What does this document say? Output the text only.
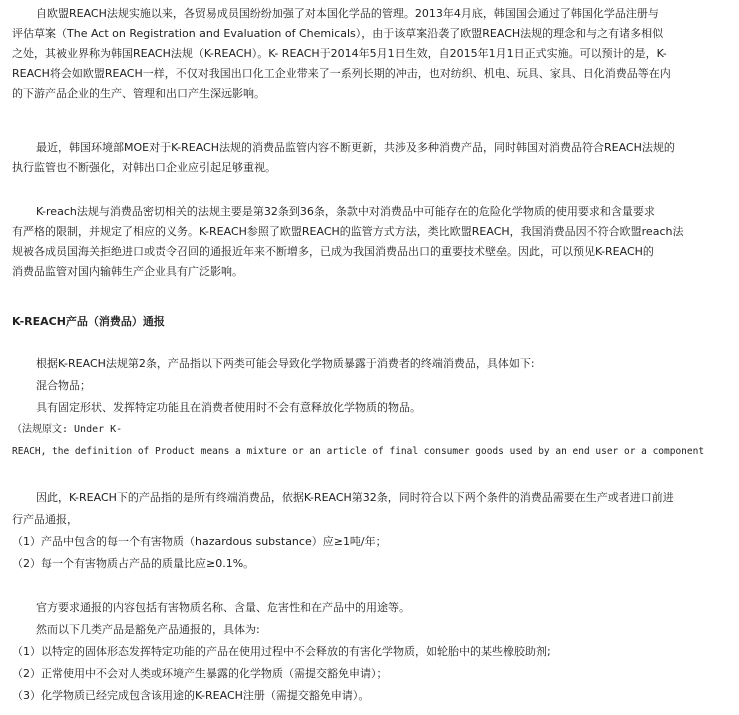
自欧盟REACH法规实施以来，各贸易成员国纷纷加强了对本国化学品的管理。2013年4月底，韩国国会通过了韩国化学品注册与
评估草案（The Act on Registration and Evaluation of Chemicals），由于该草案沿袭了欧盟REACH法规的理念和与之有诸多相似
之处，其被业界称为韩国REACH法规（K-REACH）。K- REACH于2014年5月1日生效，自2015年1月1日正式实施。可以预计的是，K-
REACH将会如欧盟REACH一样，不仅对我国出口化工企业带来了一系列长期的冲击，也对纺织、机电、玩具、家具、日化消费品等在内
的下游产品企业的生产、管理和出口产生深远影响。
最近，韩国环境部MOE对于K-REACH法规的消费品监管内容不断更新，共涉及多种消费产品，同时韩国对消费品符合REACH法规的
执行监管也不断强化，对韩出口企业应引起足够重视。
K-reach法规与消费品密切相关的法规主要是第32条到36条，条款中对消费品中可能存在的危险化学物质的使用要求和含量要求
有严格的限制，并规定了相应的义务。K-REACH参照了欧盟REACH的监管方式方法，类比欧盟REACH，我国消费品因不符合欧盟reach法
规被各成员国海关拒绝进口或责令召回的通报近年来不断增多，已成为我国消费品出口的重要技术壁垒。因此，可以预见K-REACH的
消费品监管对国内输韩生产企业具有广泛影响。
K-REACH产品（消费品）通报
根据K-REACH法规第2条，产品指以下两类可能会导致化学物质暴露于消费者的终端消费品，具体如下:
混合物品；
具有固定形状、发挥特定功能且在消费者使用时不会有意释放化学物质的物品。
（法规原文: Under K-
REACH, the definition of Product means a mixture or an article of final consumer goods used by an end user or a component
因此，K-REACH下的产品指的是所有终端消费品，依据K-REACH第32条，同时符合以下两个条件的消费品需要在生产或者进口前进
行产品通报，
（1）产品中包含的每一个有害物质（hazardous substance）应≥1吨/年；
（2）每一个有害物质占产品的质量比应≥0.1%。
官方要求通报的内容包括有害物质名称、含量、危害性和在产品中的用途等。
然而以下几类产品是豁免产品通报的，具体为:
（1）以特定的固体形态发挥特定功能的产品在使用过程中不会释放的有害化学物质，如轮胎中的某些橡胶助剂;
（2）正常使用中不会对人类或环境产生暴露的化学物质（需提交豁免申请）；
（3）化学物质已经完成包含该用途的K-REACH注册（需提交豁免申请）。
